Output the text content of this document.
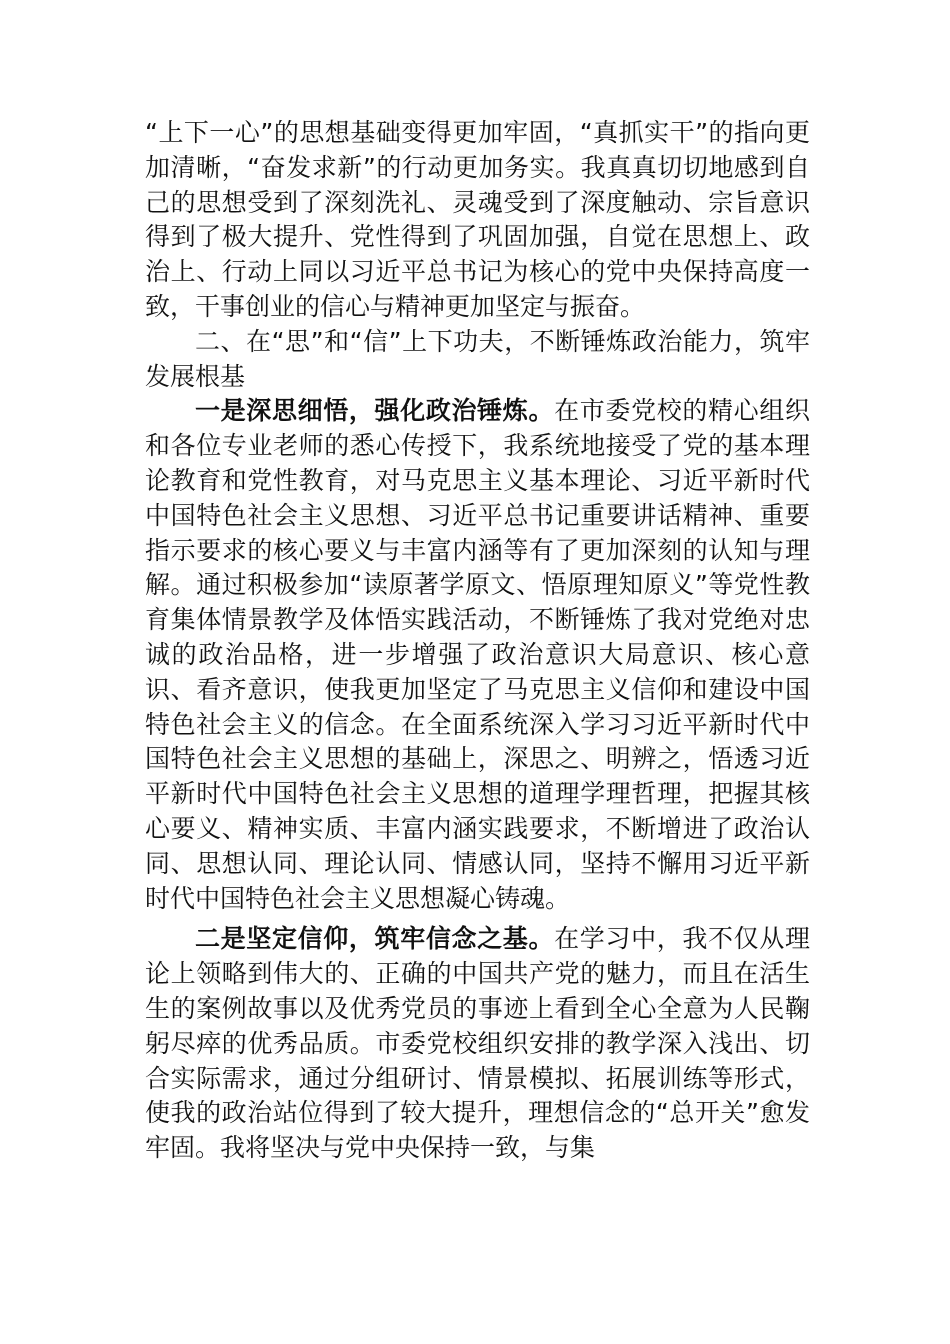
“上下一心”的思想基础变得更加牢固，“真抓实干”的指向更加清晰，“奋发求新”的行动更加务实。我真真切切地感到自己的思想受到了深刻洗礼、灵魂受到了深度触动、宗旨意识得到了极大提升、党性得到了巩固加强，自觉在思想上、政治上、行动上同以习近平总书记为核心的党中央保持高度一致，干事创业的信心与精神更加坚定与振奋。

二、在“思”和“信”上下功夫，不断锤炼政治能力，筑牢发展根基

一是深思细悟，强化政治锤炼。在市委党校的精心组织和各位专业老师的悉心传授下，我系统地接受了党的基本理论教育和党性教育，对马克思主义基本理论、习近平新时代中国特色社会主义思想、习近平总书记重要讲话精神、重要指示要求的核心要义与丰富内涵等有了更加深刻的认知与理解。通过积极参加“读原著学原文、悟原理知原义”等党性教育集体情景教学及体悟实践活动，不断锤炼了我对党绝对忠诚的政治品格，进一步增强了政治意识大局意识、核心意识、看齐意识，使我更加坚定了马克思主义信仰和建设中国特色社会主义的信念。在全面系统深入学习习近平新时代中国特色社会主义思想的基础上，深思之、明辨之，悟透习近平新时代中国特色社会主义思想的道理学理哲理，把握其核心要义、精神实质、丰富内涵实践要求，不断增进了政治认同、思想认同、理论认同、情感认同，坚持不懈用习近平新时代中国特色社会主义思想凝心铸魂。

二是坚定信仰，筑牢信念之基。在学习中，我不仅从理论上领略到伟大的、正确的中国共产党的魅力，而且在活生生的案例故事以及优秀党员的事迹上看到全心全意为人民鞠躬尽瘁的优秀品质。市委党校组织安排的教学深入浅出、切合实际需求，通过分组研讨、情景模拟、拓展训练等形式，使我的政治站位得到了较大提升，理想信念的“总开关”愈发牢固。我将坚决与党中央保持一致，与集
